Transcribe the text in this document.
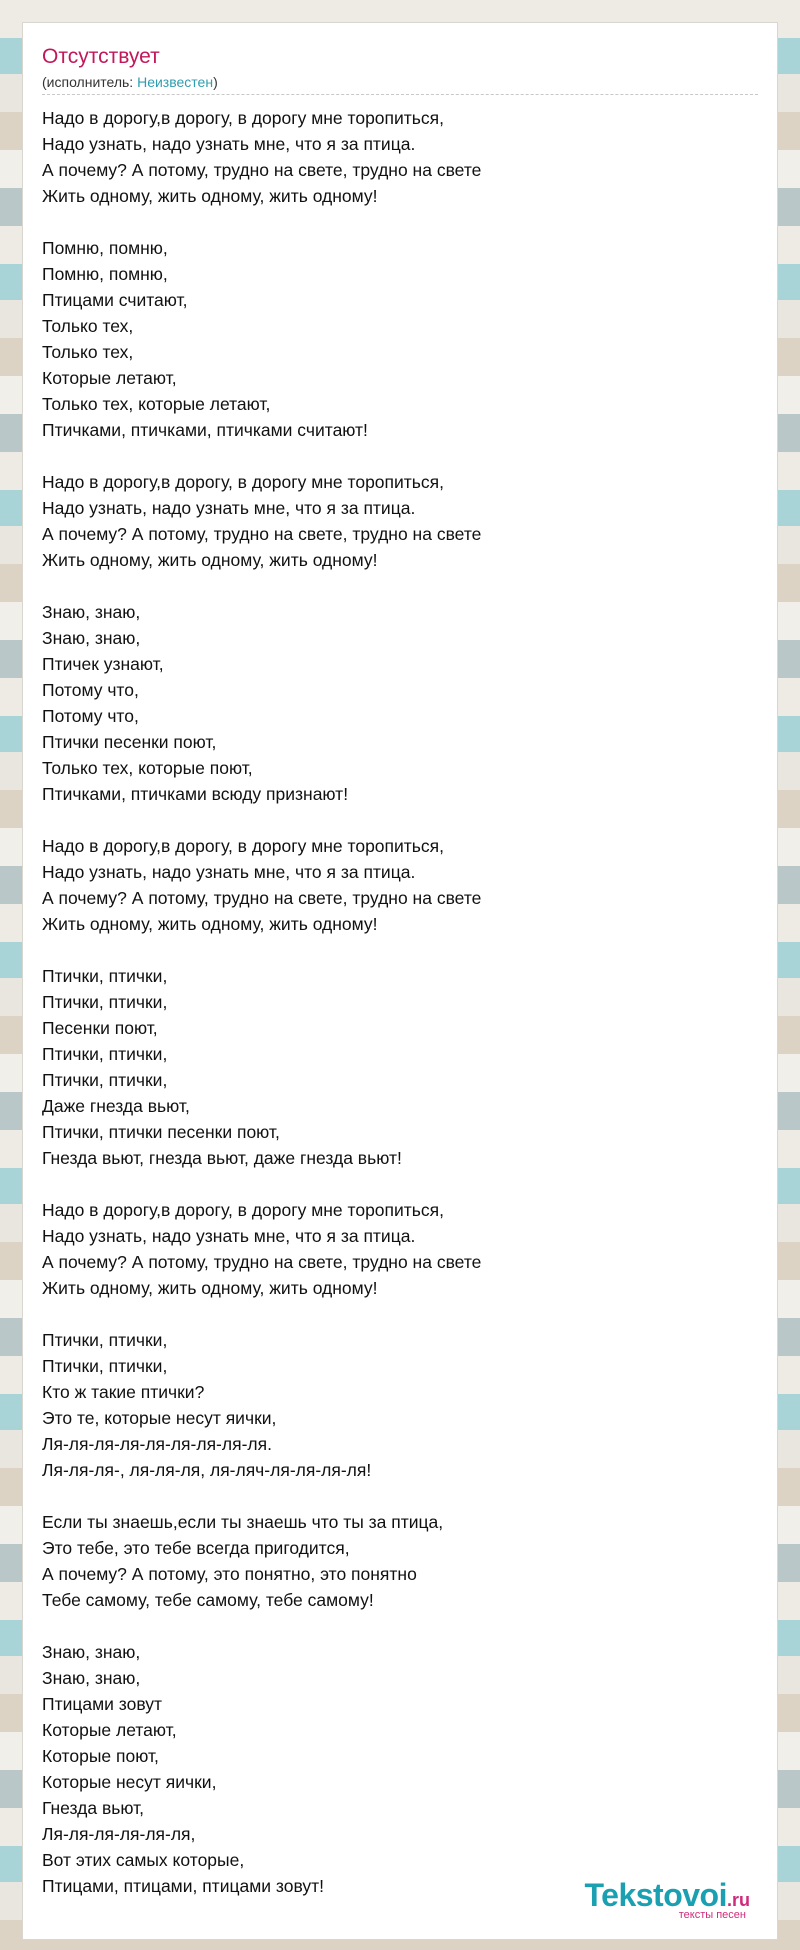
Отсутствует
(исполнитель: Неизвестен)
Надо в дорогу,в дорогу, в дорогу мне торопиться,
Надо узнать, надо узнать мне, что я за птица.
А почему? А потому, трудно на свете, трудно на свете
Жить одному, жить одному, жить одному!
Помню, помню,
Помню, помню,
Птицами считают,
Только тех,
Только тех,
Которые летают,
Только тех, которые летают,
Птичками, птичками, птичками считают!
Надо в дорогу,в дорогу, в дорогу мне торопиться,
Надо узнать, надо узнать мне, что я за птица.
А почему? А потому, трудно на свете, трудно на свете
Жить одному, жить одному, жить одному!
Знаю, знаю,
Знаю, знаю,
Птичек узнают,
Потому что,
Потому что,
Птички песенки поют,
Только тех, которые поют,
Птичками, птичками всюду признают!
Надо в дорогу,в дорогу, в дорогу мне торопиться,
Надо узнать, надо узнать мне, что я за птица.
А почему? А потому, трудно на свете, трудно на свете
Жить одному, жить одному, жить одному!
Птички, птички,
Птички, птички,
Песенки поют,
Птички, птички,
Птички, птички,
Даже гнезда вьют,
Птички, птички песенки поют,
Гнезда вьют, гнезда вьют, даже гнезда вьют!
Надо в дорогу,в дорогу, в дорогу мне торопиться,
Надо узнать, надо узнать мне, что я за птица.
А почему? А потому, трудно на свете, трудно на свете
Жить одному, жить одному, жить одному!
Птички, птички,
Птички, птички,
Кто ж такие птички?
Это те, которые несут яички,
Ля-ля-ля-ля-ля-ля-ля-ля-ля.
Ля-ля-ля-, ля-ля-ля, ля-ляч-ля-ля-ля-ля!
Если ты знаешь,если ты знаешь что ты за птица,
Это тебе, это тебе всегда пригодится,
А почему? А потому, это понятно, это понятно
Тебе самому, тебе самому, тебе самому!
Знаю, знаю,
Знаю, знаю,
Птицами зовут
Которые летают,
Которые поют,
Которые несут яички,
Гнезда вьют,
Ля-ля-ля-ля-ля-ля,
Вот этих самых которые,
Птицами, птицами, птицами зовут!	Tekstovoi.ru
тексты песен
